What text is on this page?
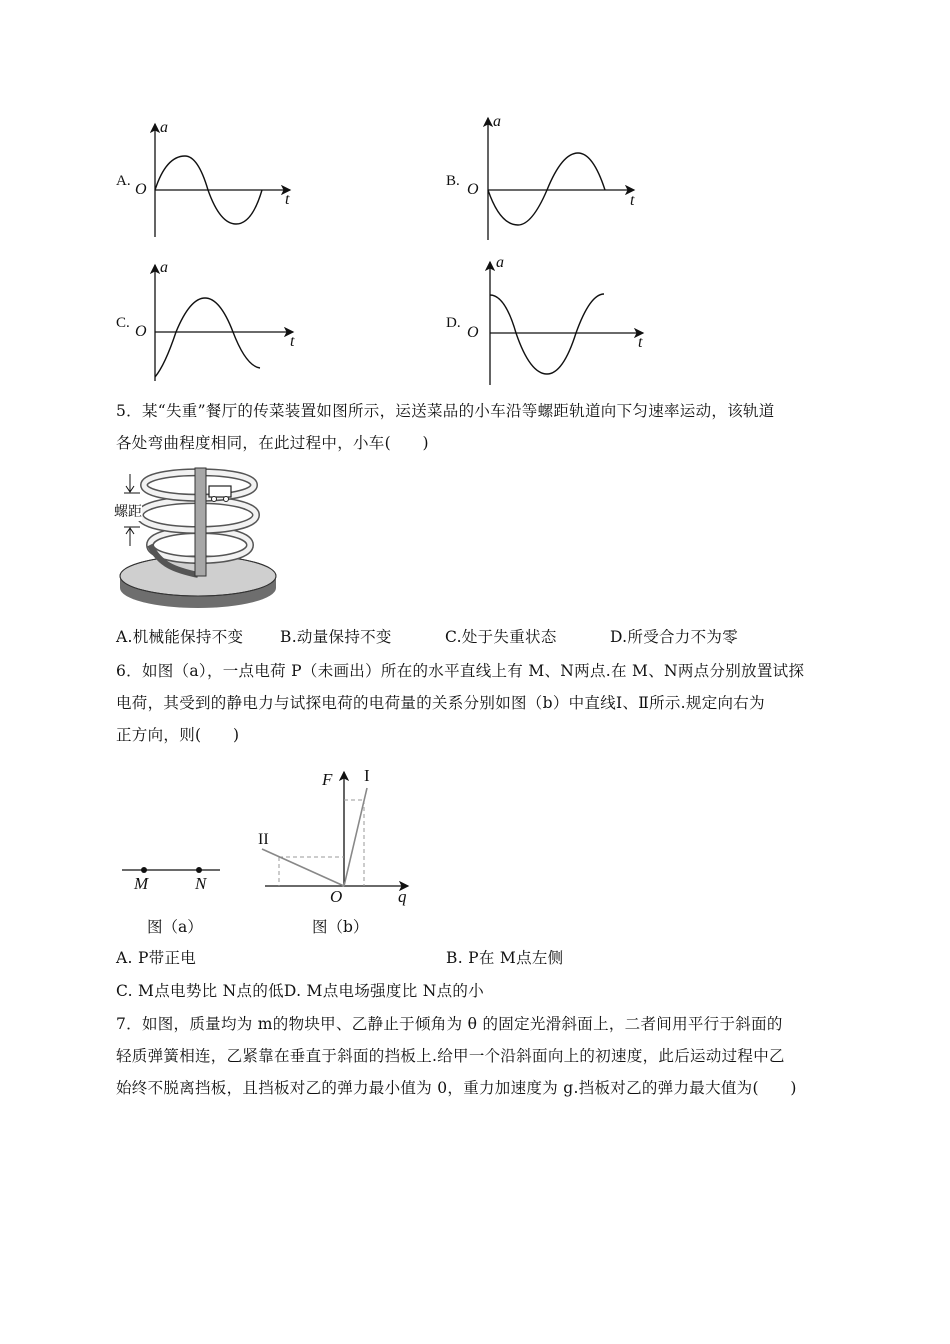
A. O
a
t
B. O
a
t
C. O
a
t
D.
O
a
t
5．某“失重”餐厅的传菜装置如图所示，运送菜品的小车沿等螺距轨道向下匀速率运动，该轨道
各处弯曲程度相同，在此过程中，小车(　　)
螺距
A.机械能保持不变 B.动量保持不变	C.处于失重状态	D.所受合力不为零
6．如图（a），一点电荷 P（未画出）所在的水平直线上有 M、N两点.在 M、N两点分别放置试探
电荷，其受到的静电力与试探电荷的电荷量的关系分别如图（b）中直线Ⅰ、Ⅱ所示.规定向右为
正方向，则(　　)
M	N
图（a）
F I
II
O	q
图（b）
A. P带正电	B. P在 M点左侧
C. M点电势比 N点的低D. M点电场强度比 N点的小
7．如图，质量均为 m的物块甲、乙静止于倾角为 θ 的固定光滑斜面上，二者间用平行于斜面的
轻质弹簧相连，乙紧靠在垂直于斜面的挡板上.给甲一个沿斜面向上的初速度，此后运动过程中乙
始终不脱离挡板，且挡板对乙的弹力最小值为 0，重力加速度为 g.挡板对乙的弹力最大值为(　　)
